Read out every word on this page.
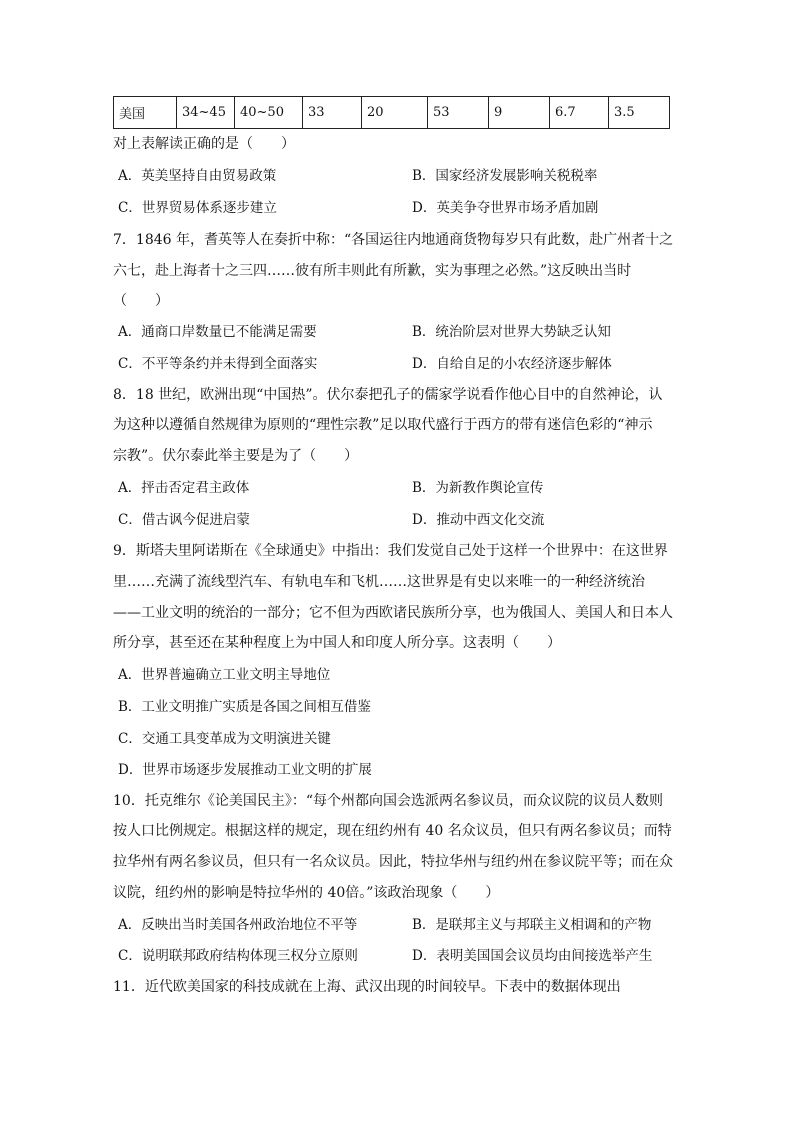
美国	34~45	40~50	33	20	53	9	6.7	3.5
对上表解读正确的是（　　）
A．英美坚持自由贸易政策	B．国家经济发展影响关税税率
C．世界贸易体系逐步建立	D．英美争夺世界市场矛盾加剧
7．1846 年，耆英等人在奏折中称：“各国运往内地通商货物每岁只有此数，赴广州者十之
六七，赴上海者十之三四……彼有所丰则此有所歉，实为事理之必然。”这反映出当时
（　　）
A．通商口岸数量已不能满足需要	B．统治阶层对世界大势缺乏认知
C．不平等条约并未得到全面落实	D．自给自足的小农经济逐步解体
8．18 世纪，欧洲出现“中国热”。伏尔泰把孔子的儒家学说看作他心目中的自然神论，认
为这种以遵循自然规律为原则的“理性宗教”足以取代盛行于西方的带有迷信色彩的“神示
宗教”。伏尔泰此举主要是为了（　　）
A．抨击否定君主政体	B．为新教作舆论宣传
C．借古讽今促进启蒙	D．推动中西文化交流
9．斯塔夫里阿诺斯在《全球通史》中指出：我们发觉自己处于这样一个世界中：在这世界
里……充满了流线型汽车、有轨电车和飞机……这世界是有史以来唯一的一种经济统治
——工业文明的统治的一部分；它不但为西欧诸民族所分享，也为俄国人、美国人和日本人
所分享，甚至还在某种程度上为中国人和印度人所分享。这表明（　　）
A．世界普遍确立工业文明主导地位
B．工业文明推广实质是各国之间相互借鉴
C．交通工具变革成为文明演进关键
D．世界市场逐步发展推动工业文明的扩展
10．托克维尔《论美国民主》：“每个州都向国会选派两名参议员，而众议院的议员人数则
按人口比例规定。根据这样的规定，现在纽约州有 40 名众议员，但只有两名参议员；而特
拉华州有两名参议员，但只有一名众议员。因此，特拉华州与纽约州在参议院平等；而在众
议院，纽约州的影响是特拉华州的 40倍。”该政治现象（　　）
A．反映出当时美国各州政治地位不平等	B．是联邦主义与邦联主义相调和的产物
C．说明联邦政府结构体现三权分立原则	D．表明美国国会议员均由间接选举产生
11．近代欧美国家的科技成就在上海、武汉出现的时间较早。下表中的数据体现出
